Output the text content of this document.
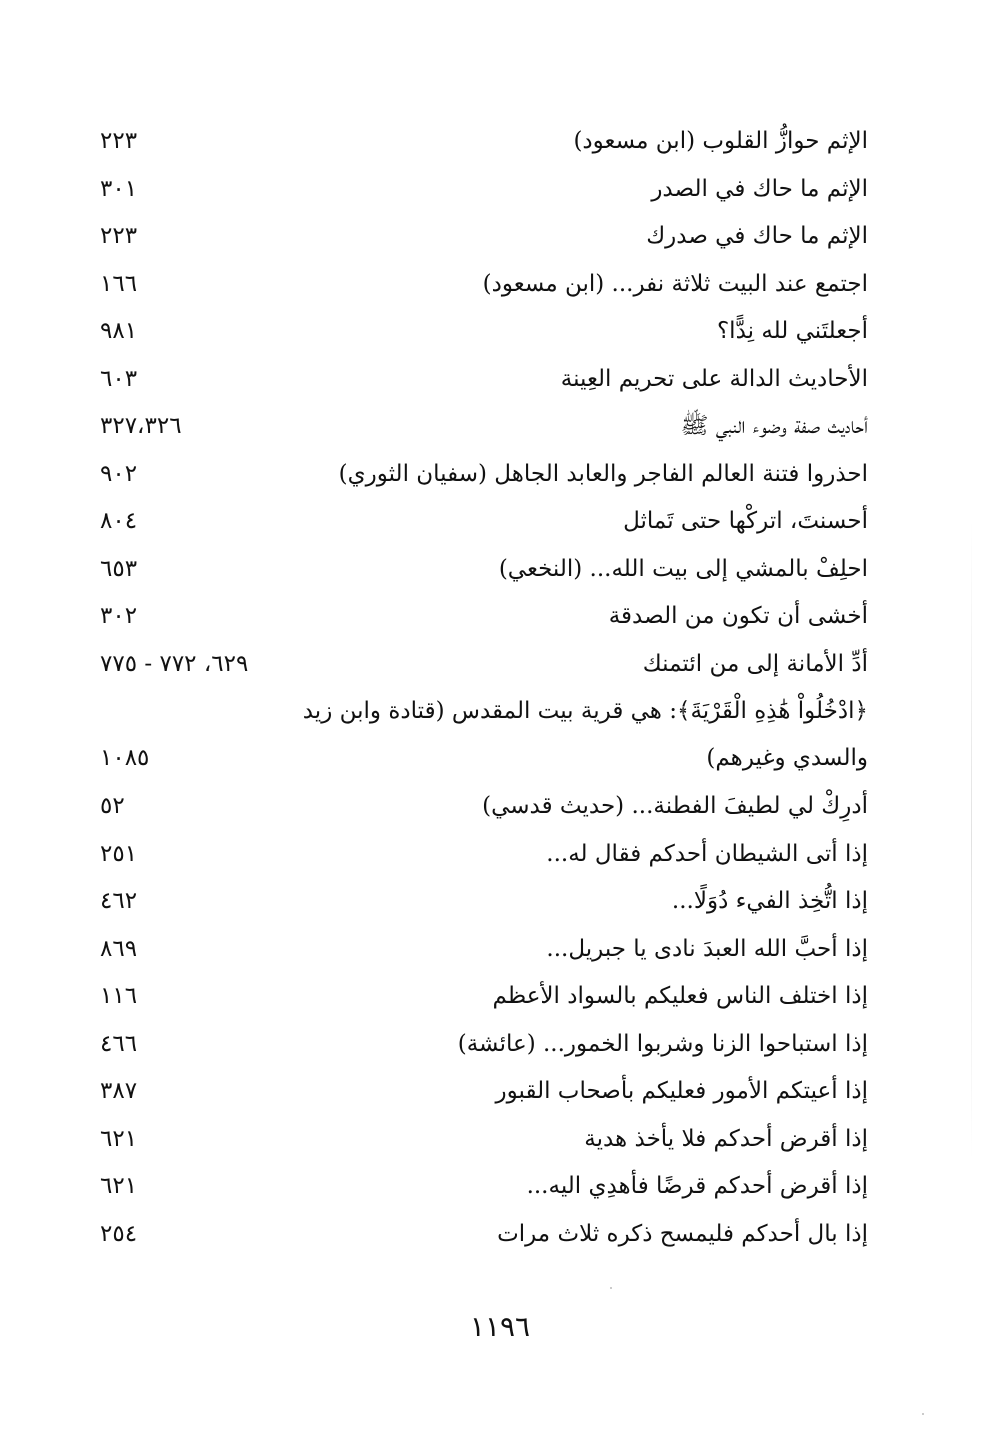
الإثم حوازُّ القلوب (ابن مسعود)
٢٢٣
الإثم ما حاك في الصدر
٣٠١
الإثم ما حاك في صدرك
٢٢٣
اجتمع عند البيت ثلاثة نفر... (ابن مسعود)
١٦٦
أجعلتَني لله نِدًّا؟
٩٨١
الأحاديث الدالة على تحريم العِينة
٦٠٣
أحاديث صفة وضوء النبي ﷺ
٣٢٧،٣٢٦
احذروا فتنة العالم الفاجر والعابد الجاهل (سفيان الثوري)
٩٠٢
أحسنتَ، اتركْها حتى تَماثل
٨٠٤
احلِفْ بالمشي إلى بيت الله... (النخعي)
٦٥٣
أخشى أن تكون من الصدقة
٣٠٢
أدِّ الأمانة إلى من ائتمنك
٦٢٩، ٧٧٢ - ٧٧٥
﴿ادْخُلُواْ هَٰذِهِ الْقَرْيَةَ﴾: هي قرية بيت المقدس (قتادة وابن زيد والسدي وغيرهم)
١٠٨٥
أدرِكْ لي لطيفَ الفطنة... (حديث قدسي)
٥٢
إذا أتى الشيطان أحدكم فقال له...
٢٥١
إذا اتُّخِذ الفيء دُوَلًا...
٤٦٢
إذا أحبَّ الله العبدَ نادى يا جبريل...
٨٦٩
إذا اختلف الناس فعليكم بالسواد الأعظم
١١٦
إذا استباحوا الزنا وشربوا الخمور... (عائشة)
٤٦٦
إذا أعيتكم الأمور فعليكم بأصحاب القبور
٣٨٧
إذا أقرض أحدكم فلا يأخذ هدية
٦٢١
إذا أقرض أحدكم قرضًا فأهدِي اليه...
٦٢١
إذا بال أحدكم فليمسح ذكره ثلاث مرات
٢٥٤
١١٩٦
